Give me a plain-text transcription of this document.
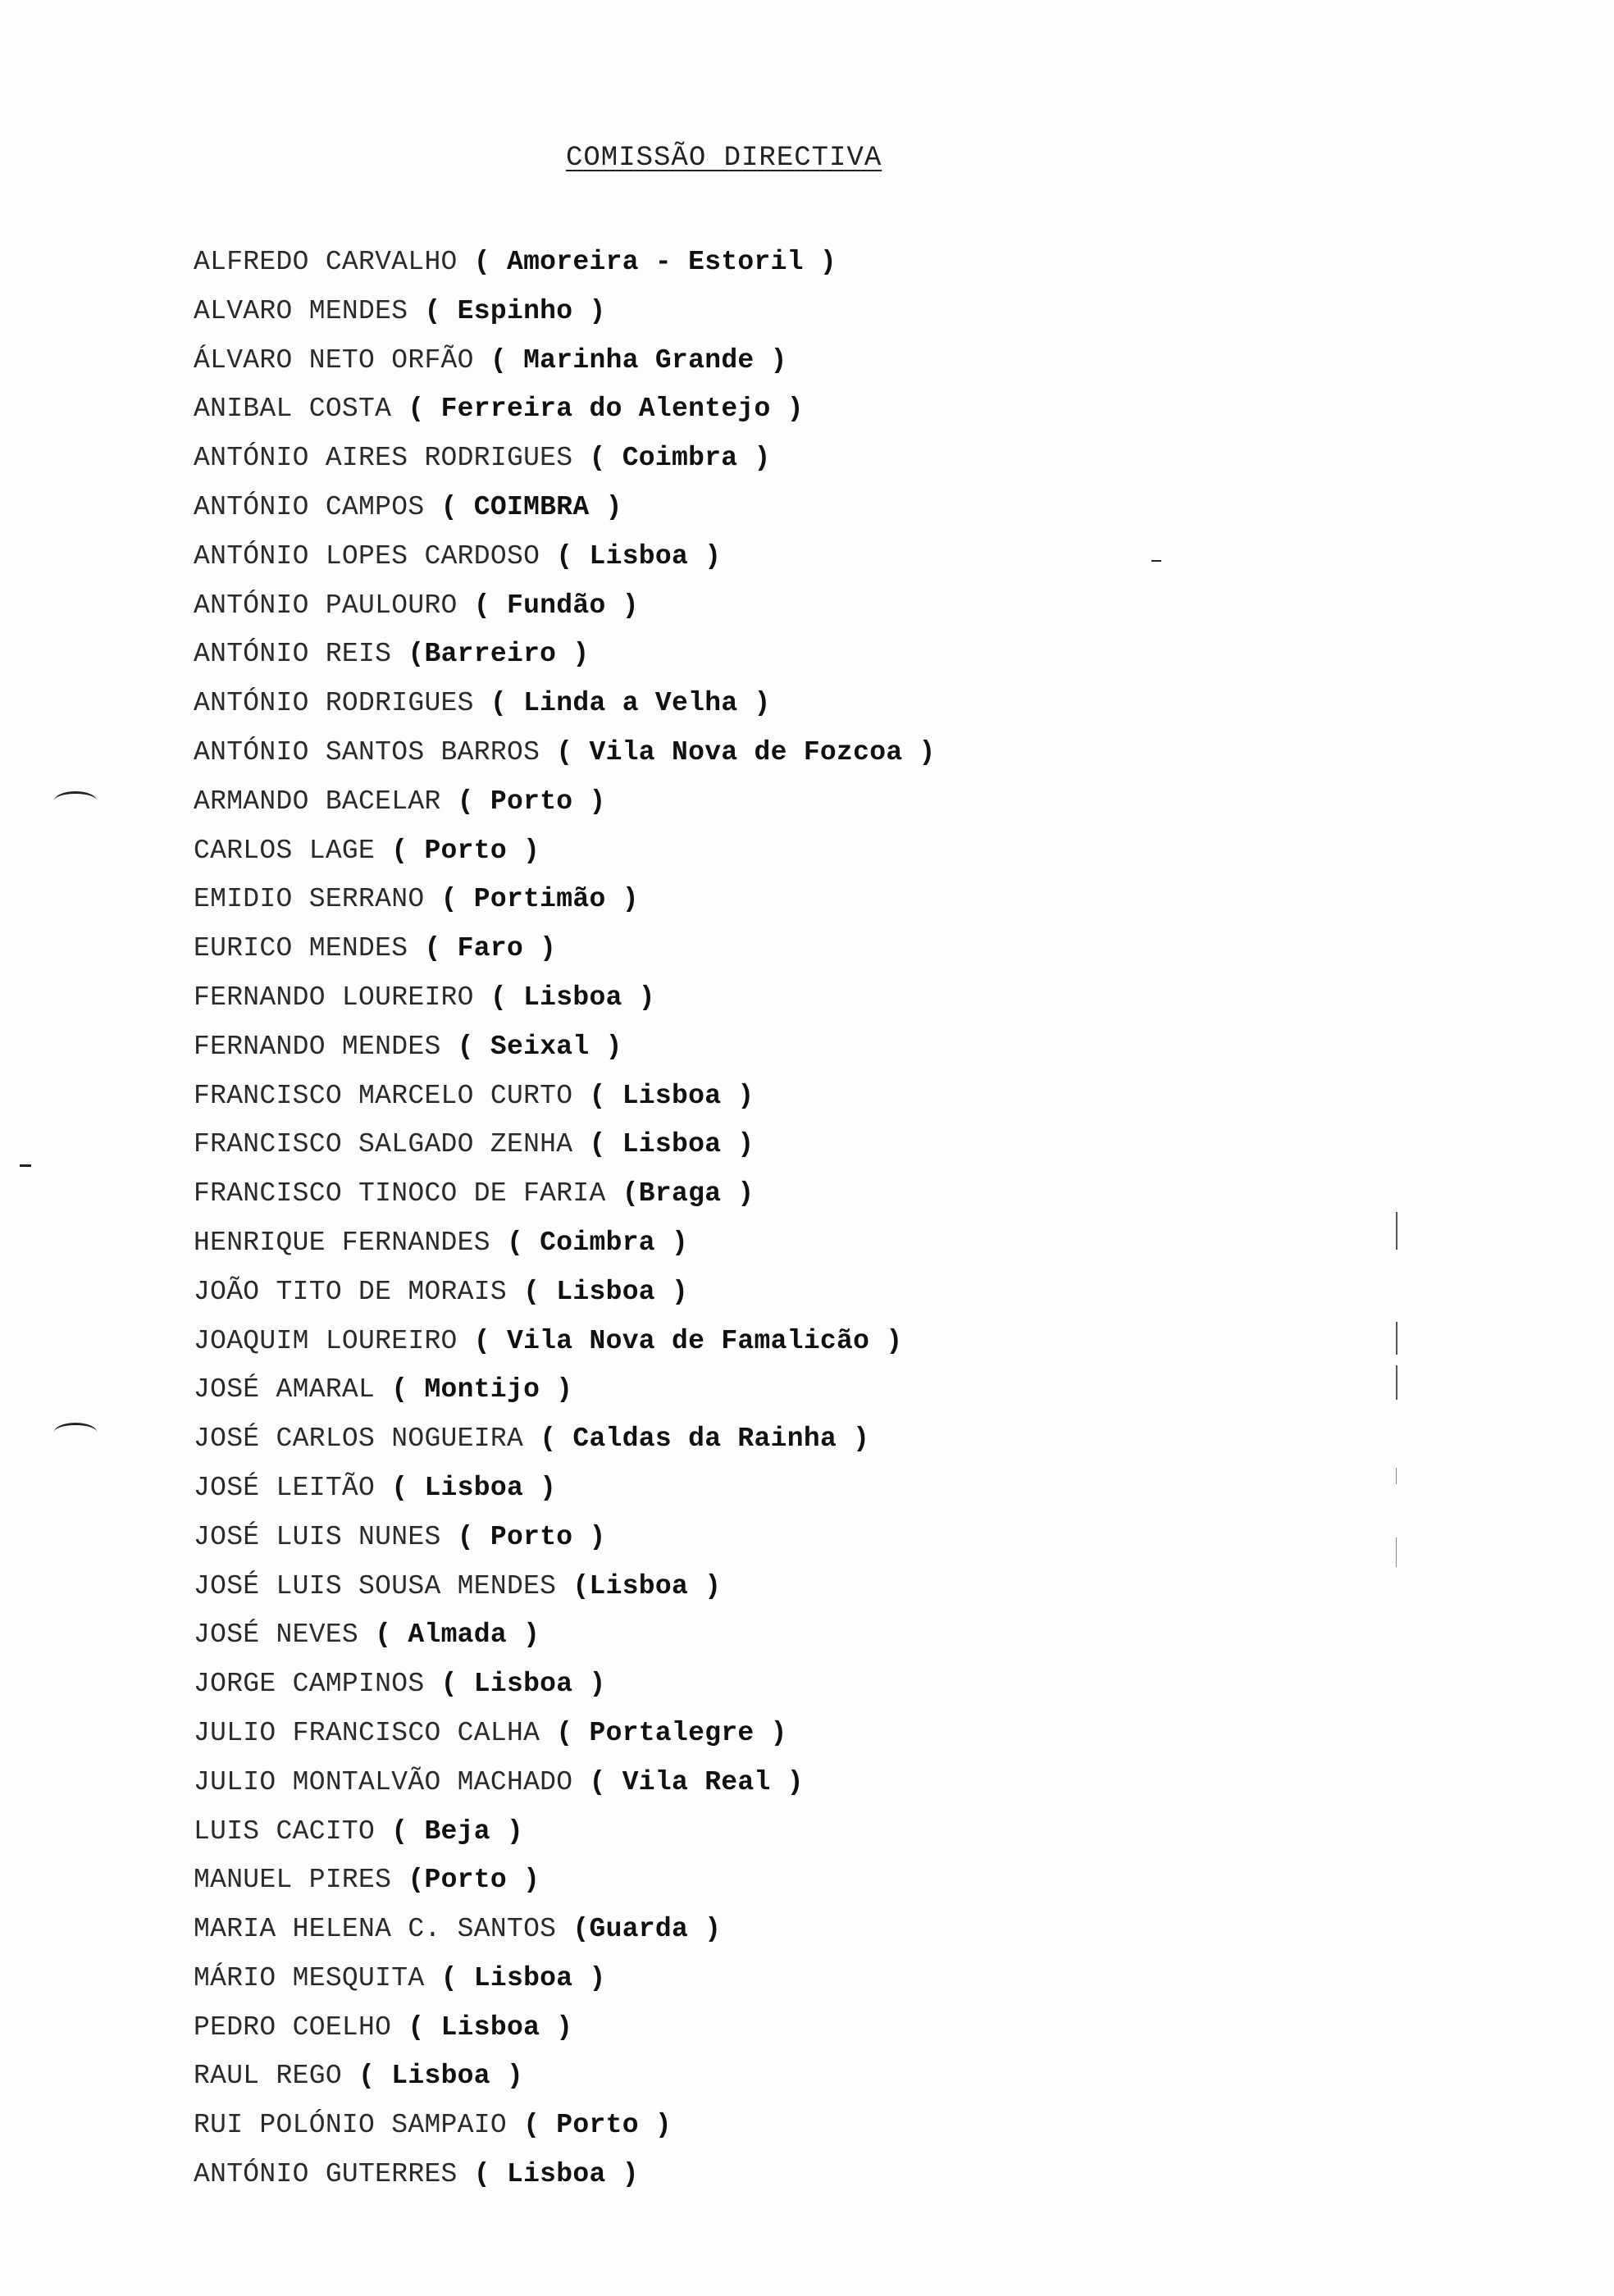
COMISSÃO DIRECTIVA
ALFREDO CARVALHO ( Amoreira - Estoril )
ALVARO MENDES ( Espinho )
ÁLVARO NETO ORFÃO ( Marinha Grande )
ANIBAL COSTA ( Ferreira do Alentejo )
ANTÓNIO AIRES RODRIGUES ( Coimbra )
ANTÓNIO CAMPOS ( COIMBRA )
ANTÓNIO LOPES CARDOSO ( Lisboa )
ANTÓNIO PAULOURO ( Fundão )
ANTÓNIO REIS (Barreiro )
ANTÓNIO RODRIGUES ( Linda a Velha )
ANTÓNIO SANTOS BARROS ( Vila Nova de Fozcoa )
ARMANDO BACELAR ( Porto )
CARLOS LAGE ( Porto )
EMIDIO SERRANO ( Portimão )
EURICO MENDES ( Faro )
FERNANDO LOUREIRO ( Lisboa )
FERNANDO MENDES ( Seixal )
FRANCISCO MARCELO CURTO ( Lisboa )
FRANCISCO SALGADO ZENHA ( Lisboa )
FRANCISCO TINOCO DE FARIA (Braga )
HENRIQUE FERNANDES ( Coimbra )
JOÃO TITO DE MORAIS ( Lisboa )
JOAQUIM LOUREIRO ( Vila Nova de Famalicão )
JOSÉ AMARAL ( Montijo )
JOSÉ CARLOS NOGUEIRA ( Caldas da Rainha )
JOSÉ LEITÃO ( Lisboa )
JOSÉ LUIS NUNES ( Porto )
JOSÉ LUIS SOUSA MENDES (Lisboa )
JOSÉ NEVES ( Almada )
JORGE CAMPINOS ( Lisboa )
JULIO FRANCISCO CALHA ( Portalegre )
JULIO MONTALVÃO MACHADO ( Vila Real )
LUIS CACITO ( Beja )
MANUEL PIRES (Porto )
MARIA HELENA C. SANTOS (Guarda )
MÁRIO MESQUITA ( Lisboa )
PEDRO COELHO ( Lisboa )
RAUL REGO ( Lisboa )
RUI POLÓNIO SAMPAIO ( Porto )
ANTÓNIO GUTERRES ( Lisboa )
